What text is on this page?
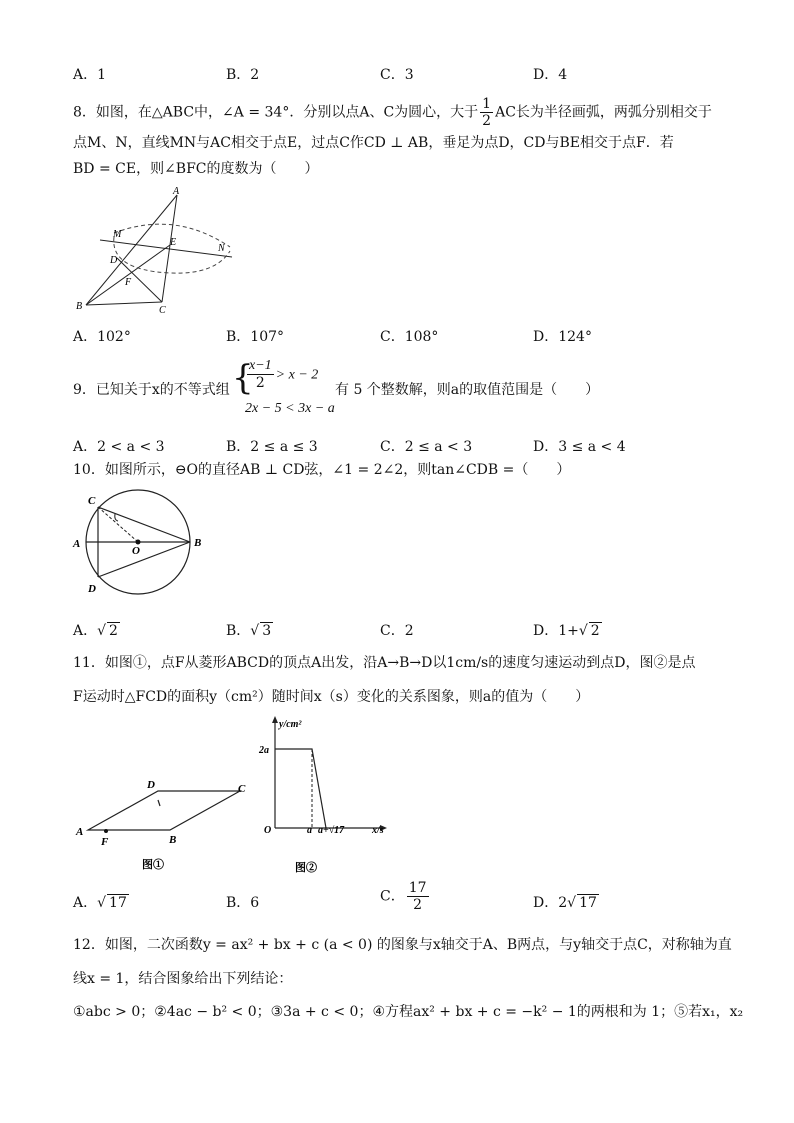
A．1	B．2	C．3	D．4
8．如图，在△ABC中，∠A = 34°．分别以点A、C为圆心，大于 $\frac{1}{2}$ AC长为半径画弧，两弧分别相交于
点M、N，直线MN与AC相交于点E，过点C作CD ⊥ AB，垂足为点D，CD与BE相交于点F．若
BD = CE，则∠BFC的度数为（　　）
A
B	C
D
E
F
M
N
A．102°	B．107°	C．108°	D．124°
9．已知关于x的不等式组 {
$\frac{x-1}{2} > x - 2$
2x − 5 < 3x − a
有 5 个整数解，则a的取值范围是（　　）
A．2 < a < 3	B．2 ≤ a ≤ 3	C．2 ≤ a < 3	D．3 ≤ a < 4
10．如图所示，⊖O的直径AB ⊥ CD弦，∠1 = 2∠2，则tan∠CDB =（　　）
C
A	B
O
D
A．√ 2	B．√ 3	C．2	D．1+√ 2
11．如图①，点F从菱形ABCD的顶点A出发，沿A→B→D以1cm/s的速度匀速运动到点D，图②是点
F运动时△FCD的面积y（cm²）随时间x（s）变化的关系图象，则a的值为（　　）
A
B
C
D
F
图①
y/cm²
2a
O	a a+√17	x/s
图②
A．√ 17	B．6	C． $\frac{17}{2}$	D．2√ 17
12．如图，二次函数y = ax² + bx + c (a < 0) 的图象与x轴交于A、B两点，与y轴交于点C，对称轴为直
线x = 1，结合图象给出下列结论：
①abc > 0；②4ac − b² < 0；③3a + c < 0；④方程ax² + bx + c = −k² − 1的两根和为 1；⑤若x₁，x₂
